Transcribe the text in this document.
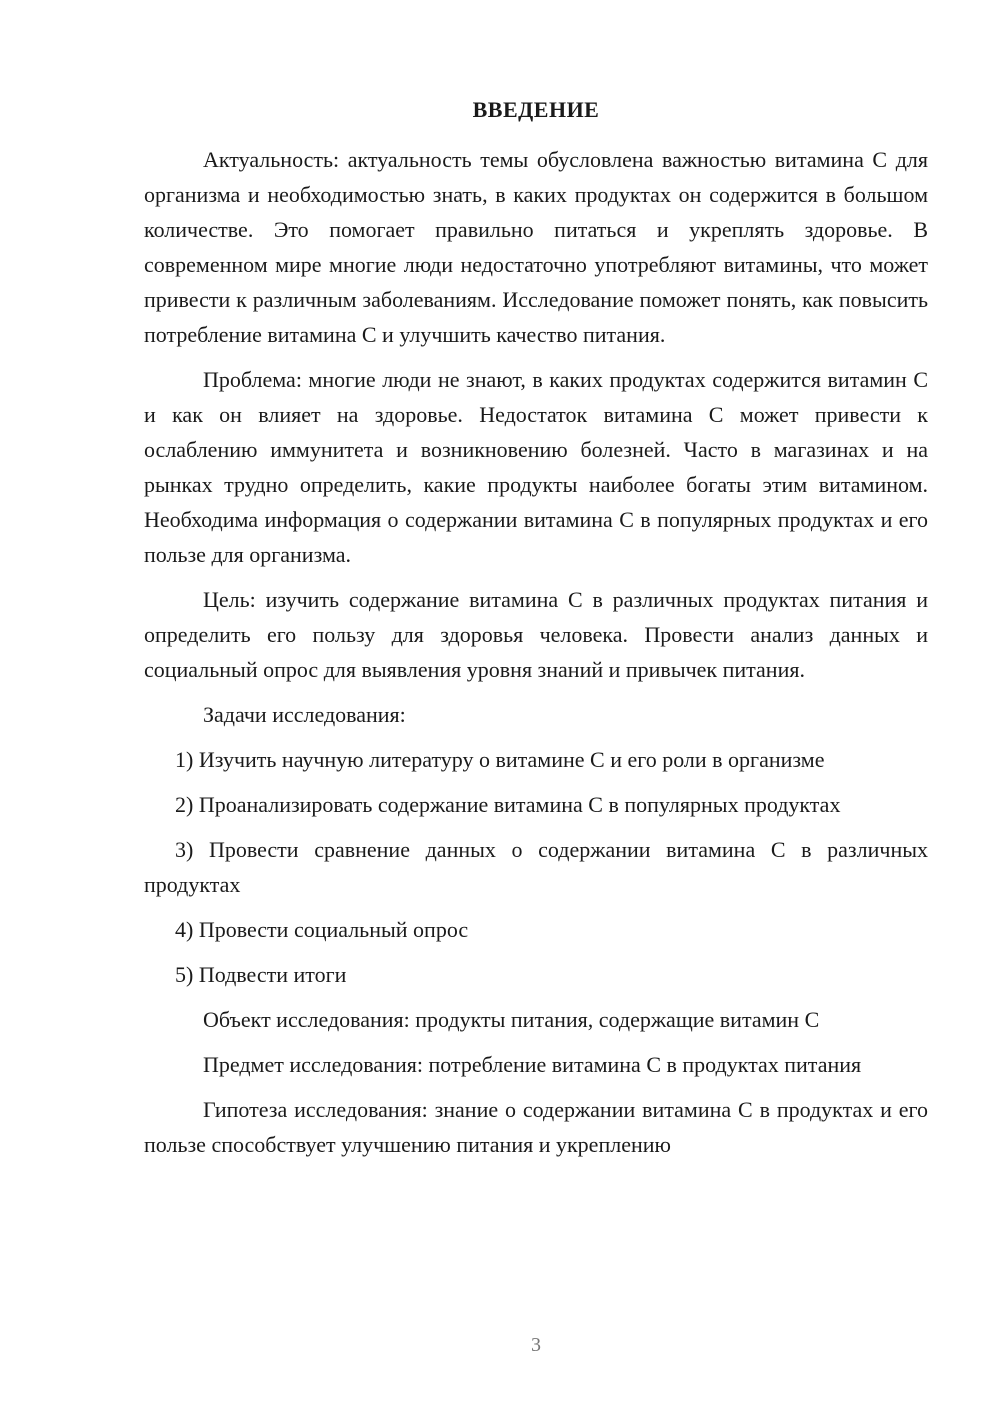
ВВЕДЕНИЕ

Актуальность: актуальность темы обусловлена важностью витамина С для организма и необходимостью знать, в каких продуктах он содержится в большом количестве. Это помогает правильно питаться и укреплять здоровье. В современном мире многие люди недостаточно употребляют витамины, что может привести к различным заболеваниям. Исследование поможет понять, как повысить потребление витамина С и улучшить качество питания.

Проблема: многие люди не знают, в каких продуктах содержится витамин С и как он влияет на здоровье. Недостаток витамина С может привести к ослаблению иммунитета и возникновению болезней. Часто в магазинах и на рынках трудно определить, какие продукты наиболее богаты этим витамином. Необходима информация о содержании витамина С в популярных продуктах и его пользе для организма.

Цель: изучить содержание витамина С в различных продуктах питания и определить его пользу для здоровья человека. Провести анализ данных и социальный опрос для выявления уровня знаний и привычек питания.

Задачи исследования:

1) Изучить научную литературу о витамине С и его роли в организме

2) Проанализировать содержание витамина С в популярных продуктах

3) Провести сравнение данных о содержании витамина С в различных продуктах

4) Провести социальный опрос

5) Подвести итоги

Объект исследования: продукты питания, содержащие витамин С

Предмет исследования: потребление витамина С в продуктах питания

Гипотеза исследования: знание о содержании витамина С в продуктах и его пользе способствует улучшению питания и укреплению

3
